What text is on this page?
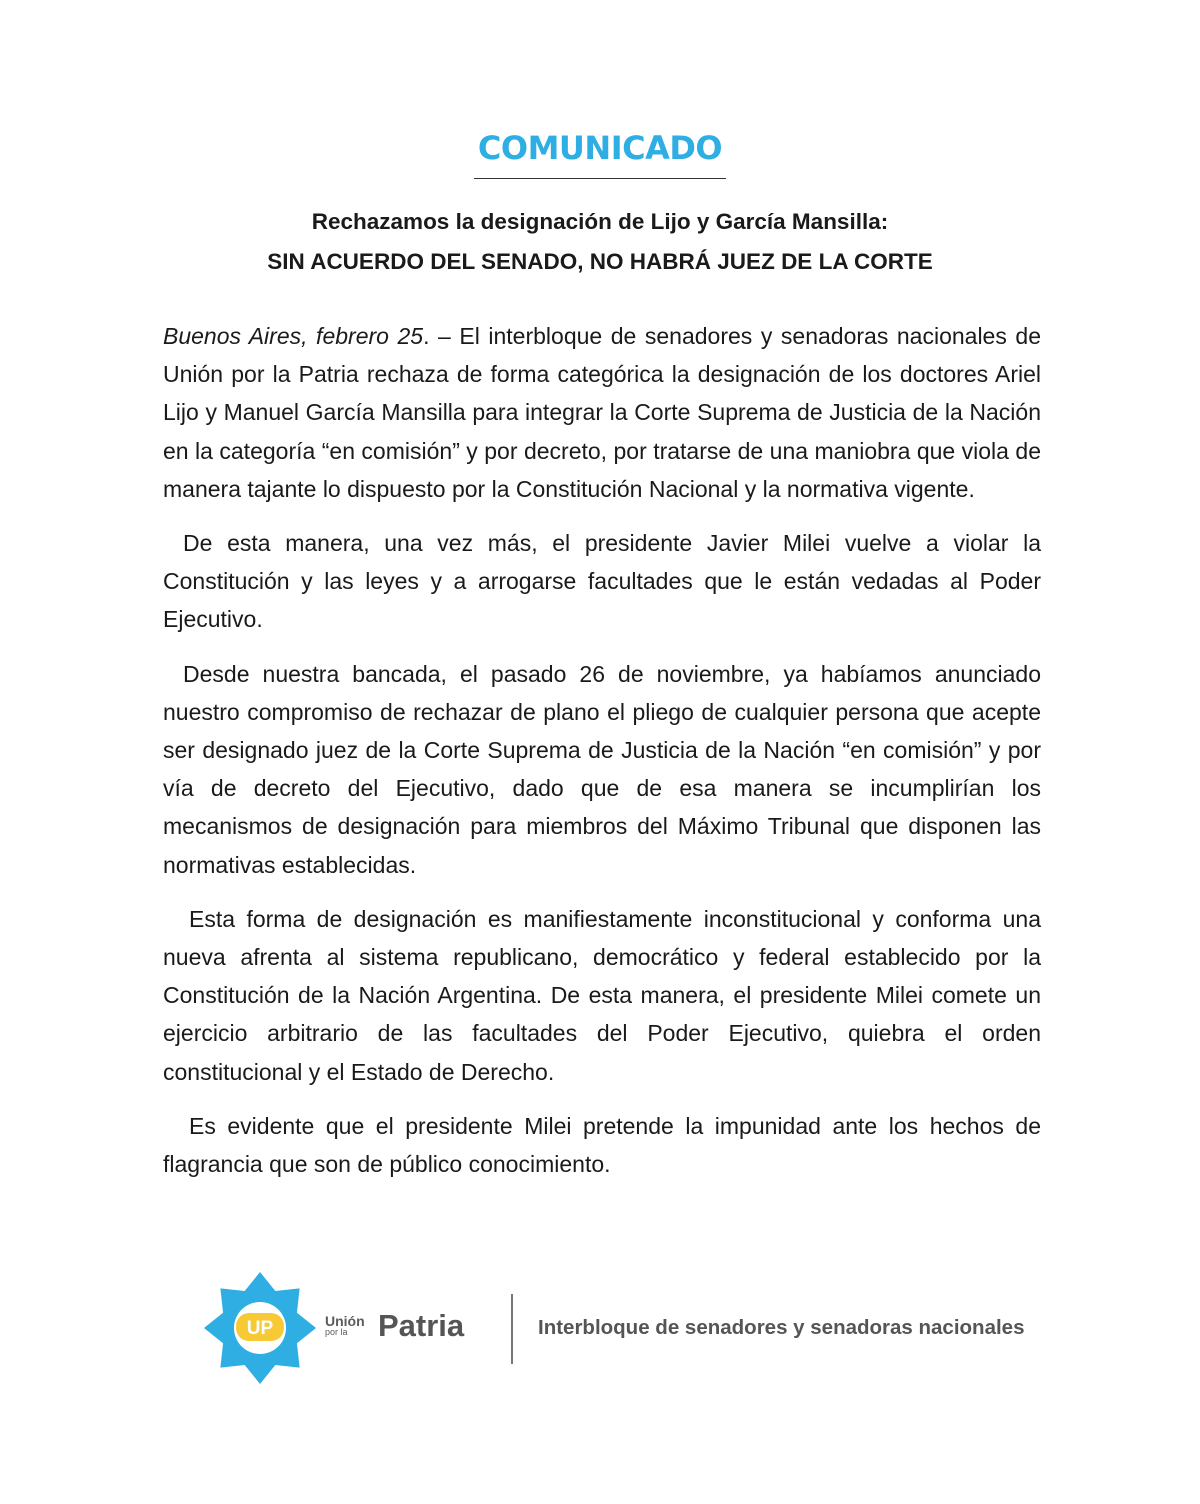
COMUNICADO
Rechazamos la designación de Lijo y García Mansilla:
SIN ACUERDO DEL SENADO, NO HABRÁ JUEZ DE LA CORTE

Buenos Aires, febrero 25. – El interbloque de senadores y senadoras nacionales de Unión por la Patria rechaza de forma categórica la designación de los doctores Ariel Lijo y Manuel García Mansilla para integrar la Corte Suprema de Justicia de la Nación en la categoría “en comisión” y por decreto, por tratarse de una maniobra que viola de manera tajante lo dispuesto por la Constitución Nacional y la normativa vigente.

De esta manera, una vez más, el presidente Javier Milei vuelve a violar la Constitución y las leyes y a arrogarse facultades que le están vedadas al Poder Ejecutivo.

Desde nuestra bancada, el pasado 26 de noviembre, ya habíamos anunciado nuestro compromiso de rechazar de plano el pliego de cualquier persona que acepte ser designado juez de la Corte Suprema de Justicia de la Nación “en comisión” y por vía de decreto del Ejecutivo, dado que de esa manera se incumplirían los mecanismos de designación para miembros del Máximo Tribunal que disponen las normativas establecidas.

Esta forma de designación es manifiestamente inconstitucional y conforma una nueva afrenta al sistema republicano, democrático y federal establecido por la Constitución de la Nación Argentina. De esta manera, el presidente Milei comete un ejercicio arbitrario de las facultades del Poder Ejecutivo, quiebra el orden constitucional y el Estado de Derecho.

Es evidente que el presidente Milei pretende la impunidad ante los hechos de flagrancia que son de público conocimiento.

UP	Unión
por la Patria	Interbloque de senadores y senadoras nacionales
